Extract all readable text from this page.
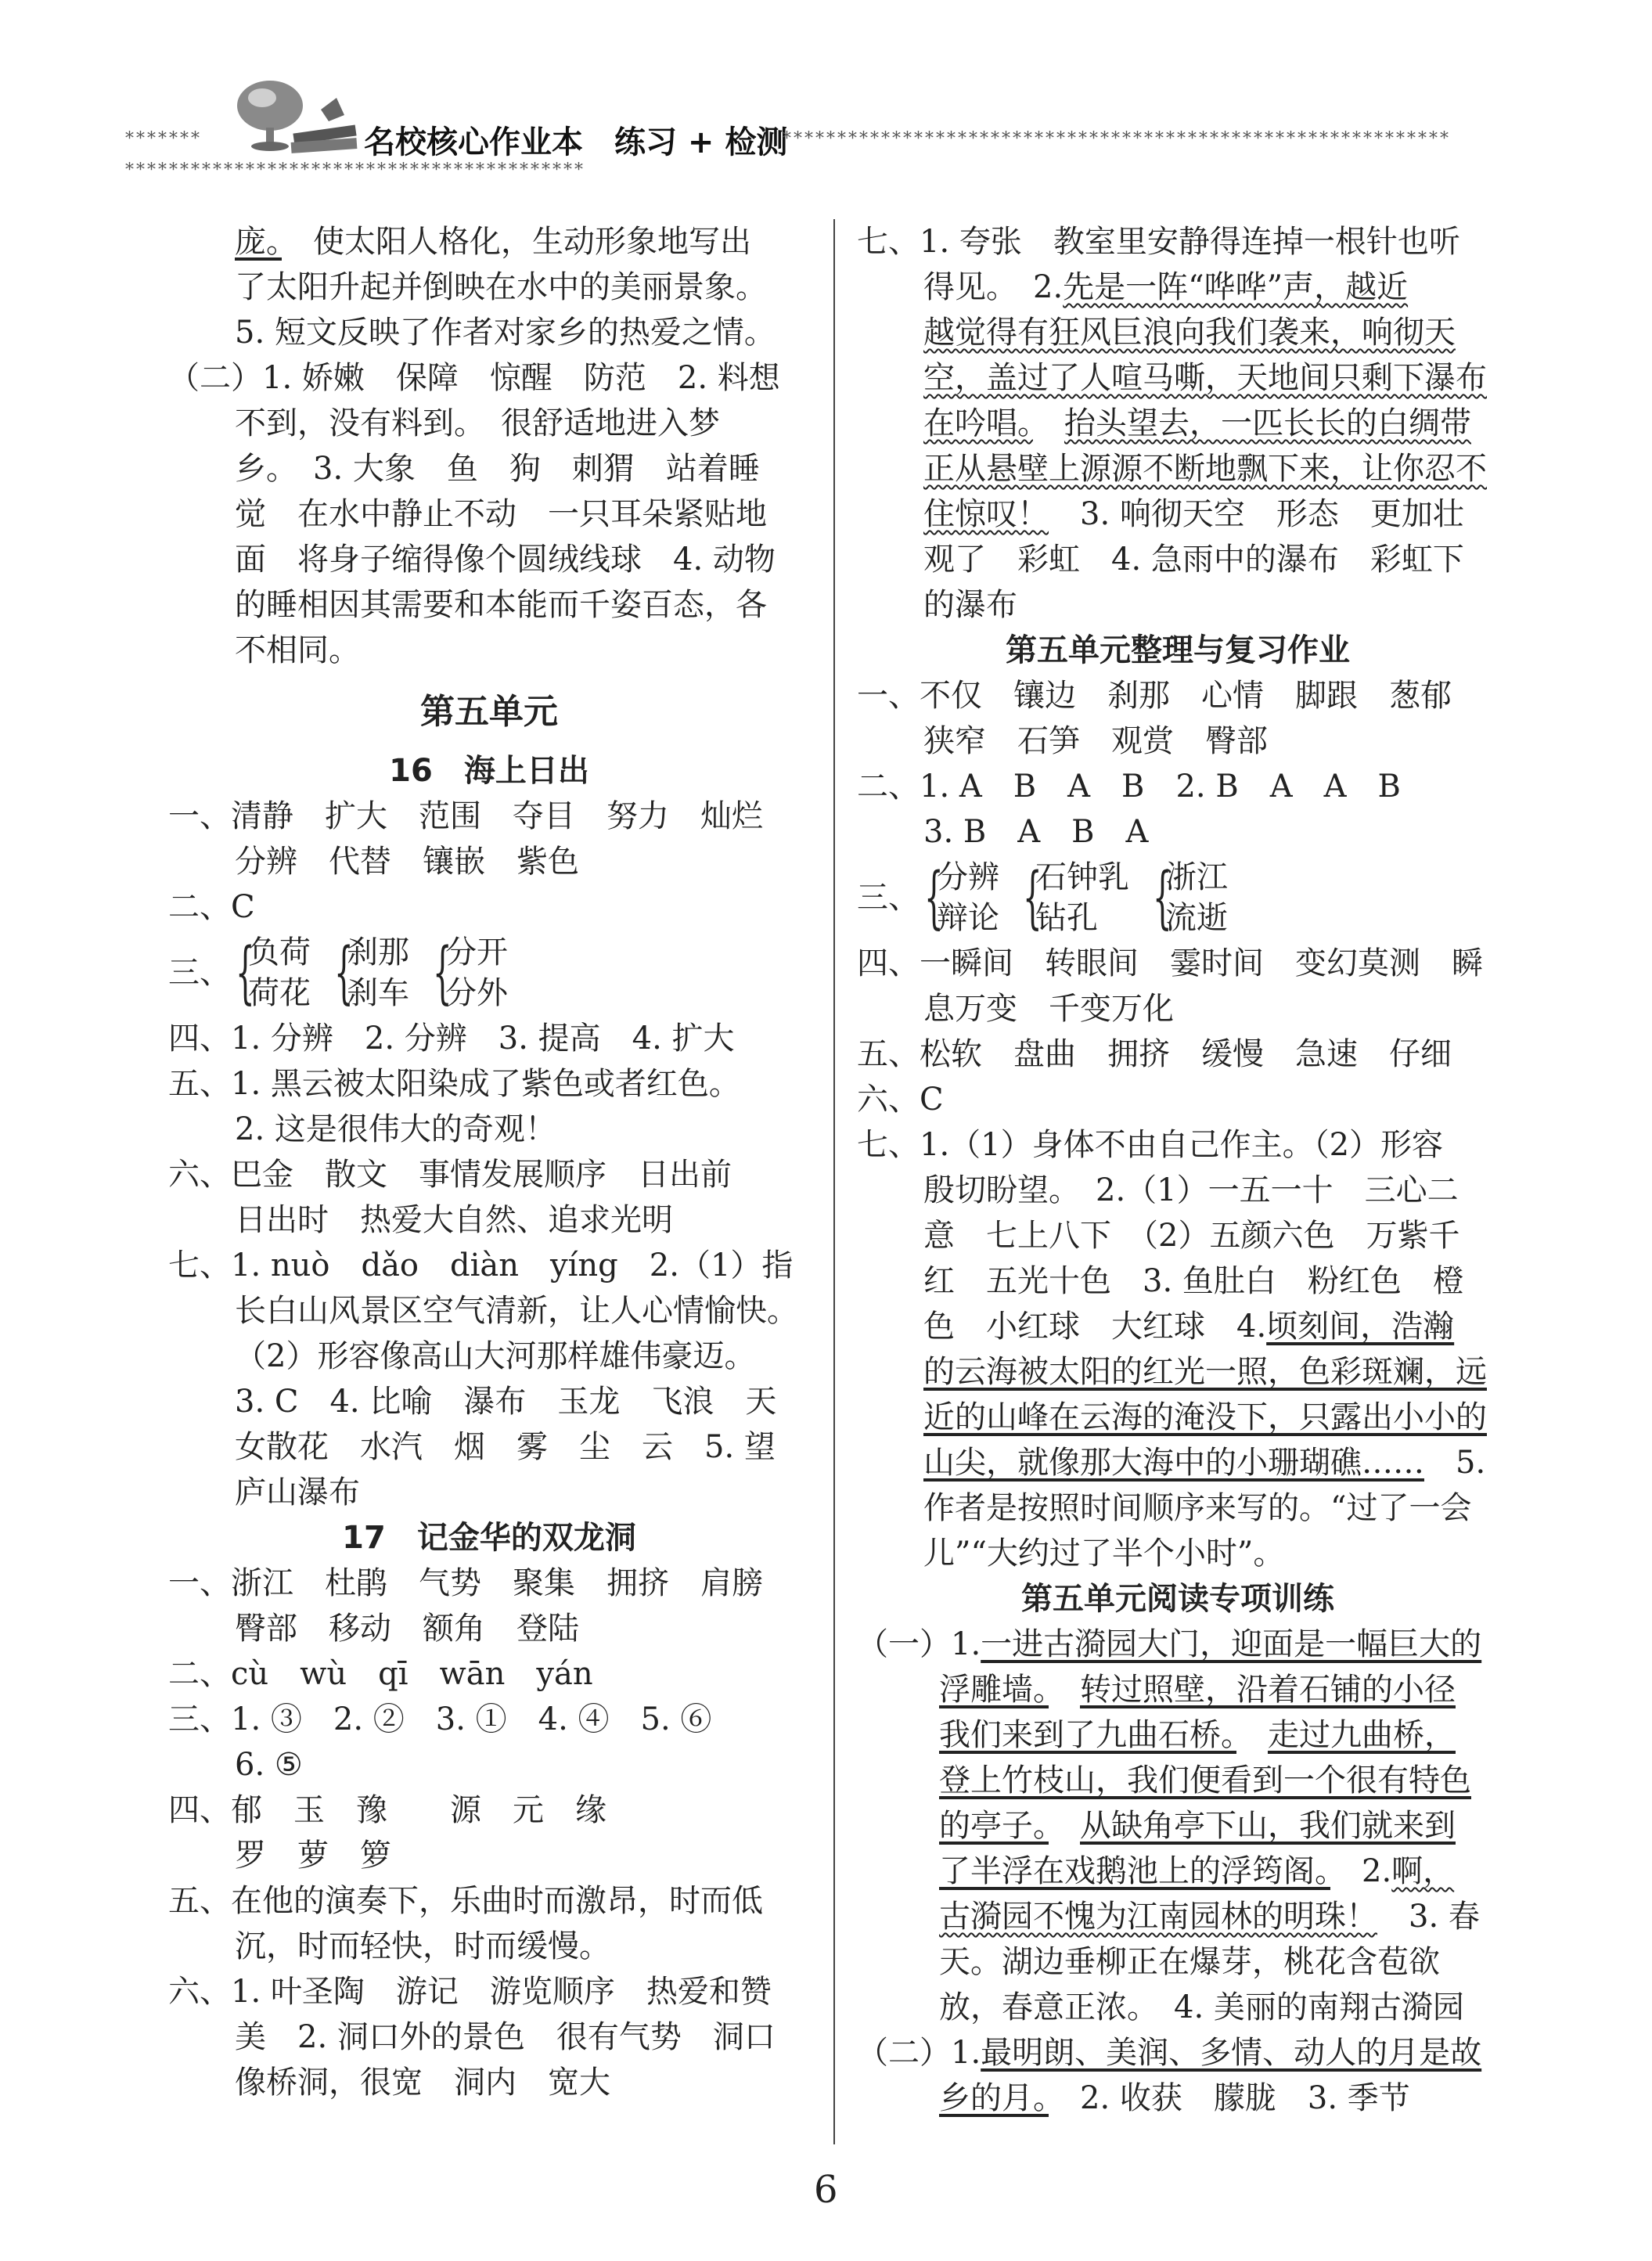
*******
******************************************
名校核心作业本　练习 + 检测
*************************************************************
庞。　 使太阳人格化，生动形象地写出
了太阳升起并倒映在水中的美丽景象。
5. 短文反映了作者对家乡的热爱之情。
（二）1. 娇嫩　保障　惊醒　防范　2. 料想
不到，没有料到。　很舒适地进入梦
乡。　3. 大象　鱼　狗　刺猬　站着睡
觉　在水中静止不动　一只耳朵紧贴地
面　将身子缩得像个圆绒线球　4. 动物
的睡相因其需要和本能而千姿百态，各
不相同。
第五单元
16　海上日出
一、清静　扩大　范围　夺目　努力　灿烂
分辨　代替　镶嵌　紫色
二、C
三、 {
负荷
荷花 {
刹那
刹车 {
分开
分外
四、1. 分辨　2. 分辨　3. 提高　4. 扩大
五、1. 黑云被太阳染成了紫色或者红色。
2. 这是很伟大的奇观！
六、巴金　散文　事情发展顺序　日出前
日出时　热爱大自然、追求光明
七、1. nuò　dǎo　diàn　yíng　2.（1）指
长白山风景区空气清新，让人心情愉快。
（2）形容像高山大河那样雄伟豪迈。
3. C　4. 比喻　瀑布　玉龙　飞浪　天
女散花　水汽　烟　雾　尘　云　5. 望
庐山瀑布
17　记金华的双龙洞
一、浙江　杜鹃　气势　聚集　拥挤　肩膀
臀部　移动　额角　登陆
二、cù　wù　qī　wān　yán
三、1. ③　2. ②　3. ①　4. ④　5. ⑥
6. ⑤
四、郁　玉　豫　　源　元　缘
罗　萝　箩
五、在他的演奏下，乐曲时而激昂，时而低
沉，时而轻快，时而缓慢。
六、1. 叶圣陶　游记　游览顺序　热爱和赞
美　2. 洞口外的景色　很有气势　洞口
像桥洞，很宽　洞内　宽大
七、1. 夸张　教室里安静得连掉一根针也听
得见。　2.先是一阵“哗哗”声，越近
越觉得有狂风巨浪向我们袭来，响彻天
空，盖过了人喧马嘶，天地间只剩下瀑布
在吟唱。　 抬头望去，一匹长长的白绸带
正从悬壁上源源不断地飘下来，让你忍不
住惊叹！　3. 响彻天空　形态　更加壮
观了　彩虹　4. 急雨中的瀑布　彩虹下
的瀑布
第五单元整理与复习作业
一、不仅　镶边　刹那　心情　脚跟　葱郁
狭窄　石笋　观赏　臀部
二、1. A　B　A　B　2. B　A　A　B
3. B　A　B　A
三、 {
分辨
辩论 {
石钟乳
钻孔 {
浙江
流逝
四、一瞬间　转眼间　霎时间　变幻莫测　瞬
息万变　千变万化
五、松软　盘曲　拥挤　缓慢　急速　仔细
六、C
七、1.（1）身体不由自己作主。（2）形容
殷切盼望。　2.（1）一五一十　三心二
意　七上八下　（2）五颜六色　万紫千
红　五光十色　3. 鱼肚白　粉红色　橙
色　小红球　大红球　4.顷刻间，浩瀚
的云海被太阳的红光一照，色彩斑斓，远
近的山峰在云海的淹没下，只露出小小的
山尖，就像那大海中的小珊瑚礁……　5.
作者是按照时间顺序来写的。“过了一会
儿”“大约过了半个小时”。
第五单元阅读专项训练
（一）1.一进古漪园大门，迎面是一幅巨大的
浮雕墙。　 转过照壁，沿着石铺的小径
我们来到了九曲石桥。　 走过九曲桥，
登上竹枝山，我们便看到一个很有特色
的亭子。　 从缺角亭下山，我们就来到
了半浮在戏鹅池上的浮筠阁。　2.啊，
古漪园不愧为江南园林的明珠！　3. 春
天。湖边垂柳正在爆芽，桃花含苞欲
放，春意正浓。　4. 美丽的南翔古漪园
（二）1.最明朗、美润、多情、动人的月是故
乡的月。　2. 收获　朦胧　3. 季节
6
